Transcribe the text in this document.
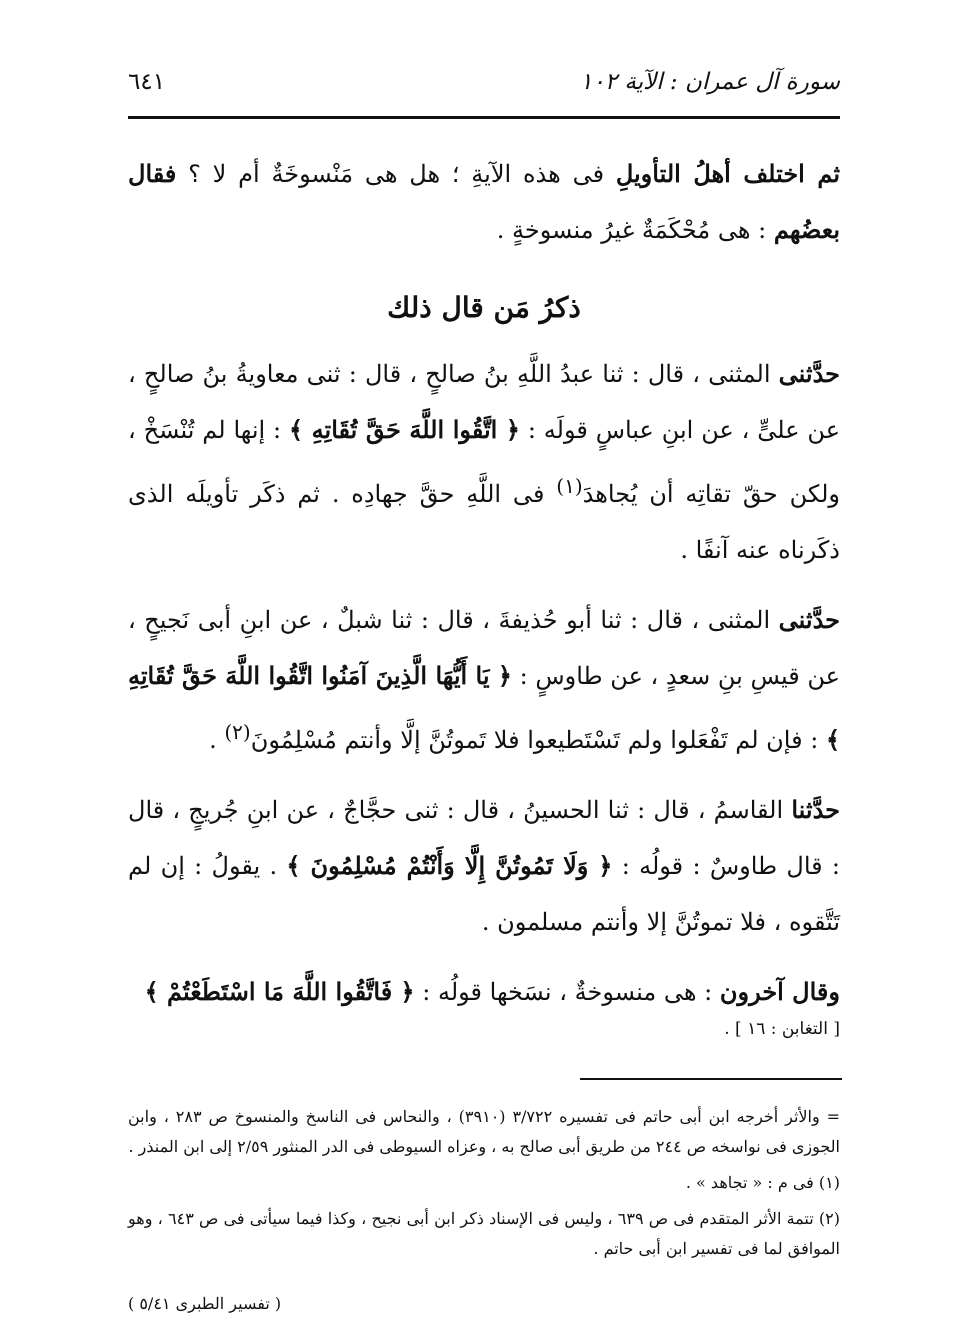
سورة آل عمران : الآية ١٠٢
٦٤١

ثم اختلف أهلُ التأويلِ فى هذه الآيةِ ؛ هل هى مَنْسوخَةٌ أم لا ؟ فقال بعضُهم : هى مُحْكَمَةٌ غيرُ منسوخةٍ .

ذكرُ مَن قال ذلك

حدَّثنى المثنى ، قال : ثنا عبدُ اللَّهِ بنُ صالحٍ ، قال : ثنى معاويةُ بنُ صالحٍ ، عن علىٍّ ، عن ابنِ عباسٍ قولَه : ﴿ اتَّقُوا اللَّهَ حَقَّ تُقَاتِهِ ﴾ : إنها لم تُنْسَخْ ، ولكن حقّ تقاتِه أن يُجاهدَ$^{(١)}$ فى اللَّهِ حقَّ جهادِه . ثم ذكَر تأويلَه الذى ذكَرناه عنه آنفًا .

حدَّثنى المثنى ، قال : ثنا أبو حُذيفةَ ، قال : ثنا شبلٌ ، عن ابنِ أبى نَجيحٍ ، عن قيسِ بنِ سعدٍ ، عن طاوسٍ : ﴿ يَا أَيُّهَا الَّذِينَ آمَنُوا اتَّقُوا اللَّهَ حَقَّ تُقَاتِهِ ﴾ : فإن لم تَفْعَلوا ولم تَسْتَطيعوا فلا تَموتُنَّ إلَّا وأنتم مُسْلِمُونَ$^{(٢)}$ .

حدَّثنا القاسمُ ، قال : ثنا الحسينُ ، قال : ثنى حجَّاجٌ ، عن ابنِ جُريجٍ ، قال : قال طاوسٌ : قولُه : ﴿ وَلَا تَمُوتُنَّ إِلَّا وَأَنْتُمْ مُسْلِمُونَ ﴾ . يقولُ : إن لم تَتَّقوه ، فلا تموتُنَّ إلا وأنتم مسلمون .

وقال آخرون : هى منسوخةٌ ، نسَخها قولُه : ﴿ فَاتَّقُوا اللَّهَ مَا اسْتَطَعْتُمْ ﴾

[ التغابن : ١٦ ] .

= والأثر أخرجه ابن أبى حاتم فى تفسيره ٣/٧٢٢ (٣٩١٠) ، والنحاس فى الناسخ والمنسوخ ص ٢٨٣ ، وابن الجوزى فى نواسخه ص ٢٤٤ من طريق أبى صالح به ، وعزاه السيوطى فى الدر المنثور ٢/٥٩ إلى ابن المنذر .

(١) فى م : « تجاهد » .

(٢) تتمة الأثر المتقدم فى ص ٦٣٩ ، وليس فى الإسناد ذكر ابن أبى نجيح ، وكذا فيما سيأتى فى ص ٦٤٣ ، وهو الموافق لما فى تفسير ابن أبى حاتم .

( تفسير الطبرى ٥/٤١ )
